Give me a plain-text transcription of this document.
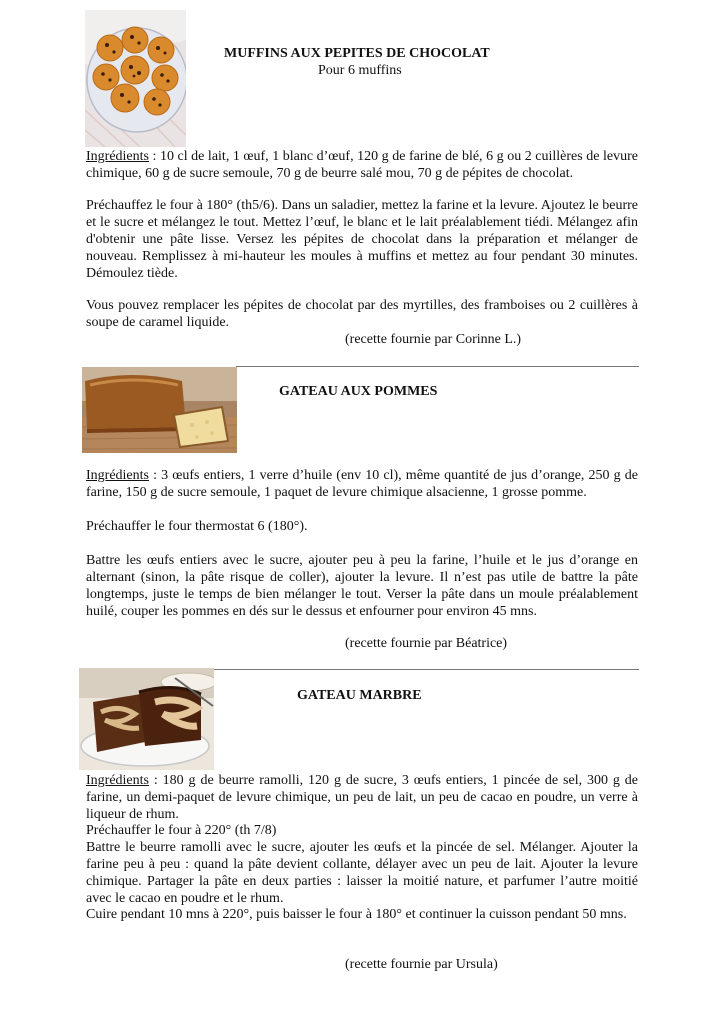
MUFFINS AUX PEPITES DE CHOCOLAT
Pour 6 muffins

Ingrédients : 10 cl de lait, 1 œuf, 1 blanc d’œuf, 120 g de farine de blé, 6 g ou 2 cuillères de levure chimique, 60 g de sucre semoule, 70 g de beurre salé mou, 70 g de pépites de chocolat.

Préchauffez le four à 180° (th5/6). Dans un saladier, mettez la farine et la levure. Ajoutez le beurre et le sucre et mélangez le tout. Mettez l’œuf, le blanc et le lait préalablement tiédi. Mélangez afin d'obtenir une pâte lisse. Versez les pépites de chocolat dans la préparation et mélanger de nouveau. Remplissez à mi-hauteur les moules à muffins et mettez au four pendant 30 minutes. Démoulez tiède.

Vous pouvez remplacer les pépites de chocolat par des myrtilles, des framboises ou 2 cuillères à soupe de caramel liquide.

(recette fournie par Corinne L.)
GATEAU AUX POMMES

Ingrédients : 3 œufs entiers, 1 verre d’huile (env 10 cl), même quantité de jus d’orange, 250 g de farine, 150 g de sucre semoule, 1 paquet de levure chimique alsacienne, 1 grosse pomme.

Préchauffer le four thermostat 6 (180°).

Battre les œufs entiers avec le sucre, ajouter peu à peu la farine, l’huile et le jus d’orange en alternant (sinon, la pâte risque de coller), ajouter la levure. Il n’est pas utile de battre la pâte longtemps, juste le temps de bien mélanger le tout. Verser la pâte dans un moule préalablement huilé, couper les pommes en dés sur le dessus et enfourner pour environ 45 mns.

(recette fournie par Béatrice)
GATEAU MARBRE

Ingrédients : 180 g de beurre ramolli, 120 g de sucre, 3 œufs entiers, 1 pincée de sel, 300 g de farine, un demi-paquet de levure chimique, un peu de lait, un peu de cacao en poudre, un verre à liqueur de rhum.

Préchauffer le four à 220° (th 7/8)

Battre le beurre ramolli avec le sucre, ajouter les œufs et la pincée de sel. Mélanger. Ajouter la farine peu à peu : quand la pâte devient collante, délayer avec un peu de lait. Ajouter la levure chimique. Partager la pâte en deux parties : laisser la moitié nature, et parfumer l’autre moitié avec le cacao en poudre et le rhum.

Cuire pendant 10 mns à 220°, puis baisser le four à 180° et continuer la cuisson pendant 50 mns.

(recette fournie par Ursula)
